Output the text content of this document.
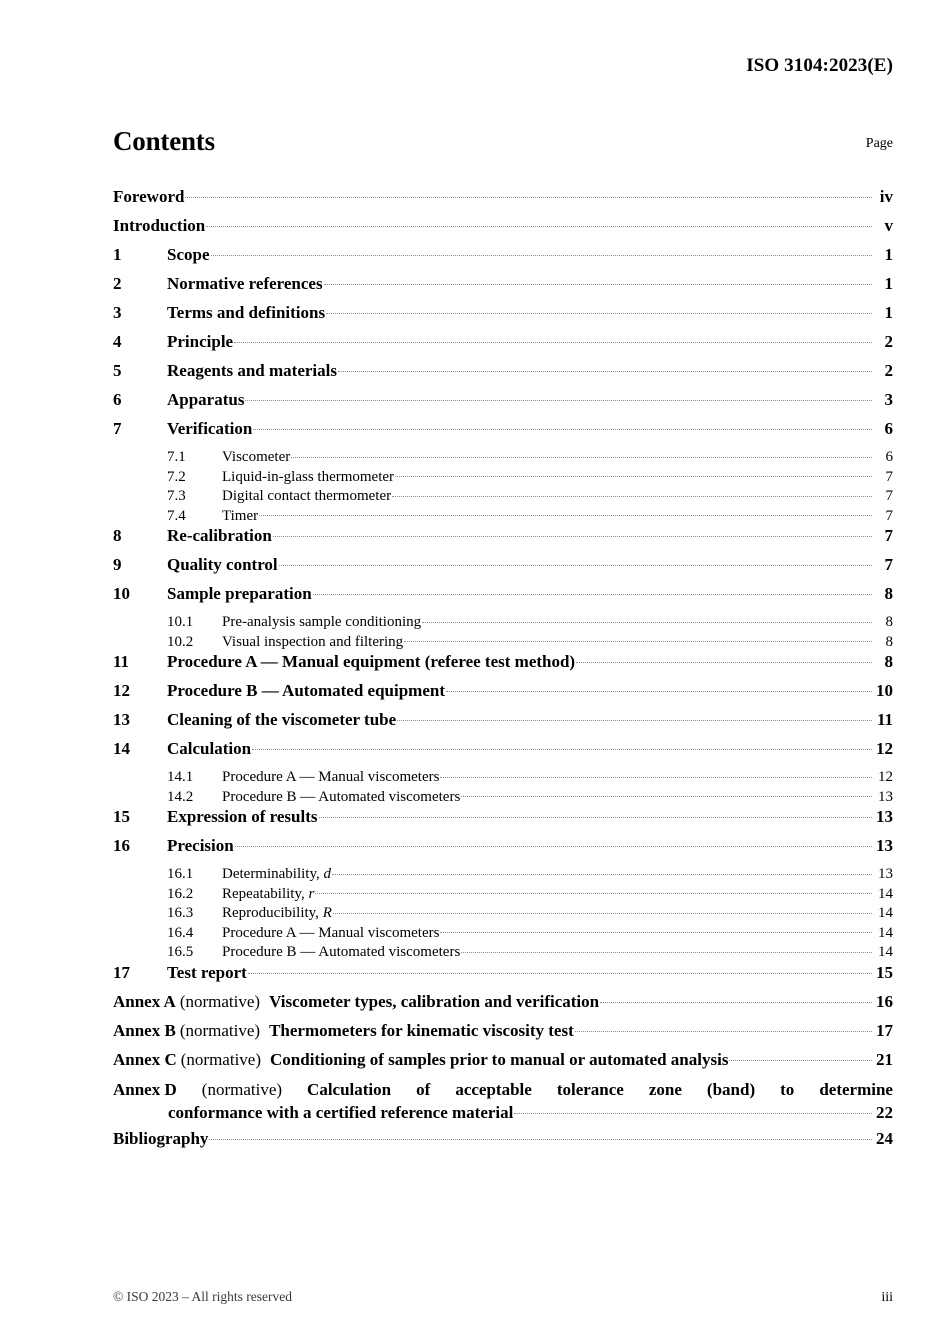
ISO 3104:2023(E)
Contents	Page
Foreword	iv
Introduction	v
1	Scope	1
2	Normative references	1
3	Terms and definitions	1
4	Principle	2
5	Reagents and materials	2
6	Apparatus	3
7	Verification	6
7.1	Viscometer	6
7.2	Liquid-in-glass thermometer	7
7.3	Digital contact thermometer	7
7.4	Timer	7
8	Re-calibration	7
9	Quality control	7
10	Sample preparation	8
10.1	Pre-analysis sample conditioning	8
10.2	Visual inspection and filtering	8
11	Procedure A — Manual equipment (referee test method)	8
12	Procedure B — Automated equipment	10
13	Cleaning of the viscometer tube	11
14	Calculation	12
14.1	Procedure A — Manual viscometers	12
14.2	Procedure B — Automated viscometers	13
15	Expression of results	13
16	Precision	13
16.1	Determinability, d	13
16.2	Repeatability, r	14
16.3	Reproducibility, R	14
16.4	Procedure A — Manual viscometers	14
16.5	Procedure B — Automated viscometers	14
17	Test report	15
Annex A (normative) Viscometer types, calibration and verification	16
Annex B (normative) Thermometers for kinematic viscosity test	17
Annex C (normative) Conditioning of samples prior to manual or automated analysis	21
Annex D (normative) Calculation of acceptable tolerance zone (band) to determine
conformance with a certified reference material	22
Bibliography	24
© ISO 2023 – All rights reserved	iii
